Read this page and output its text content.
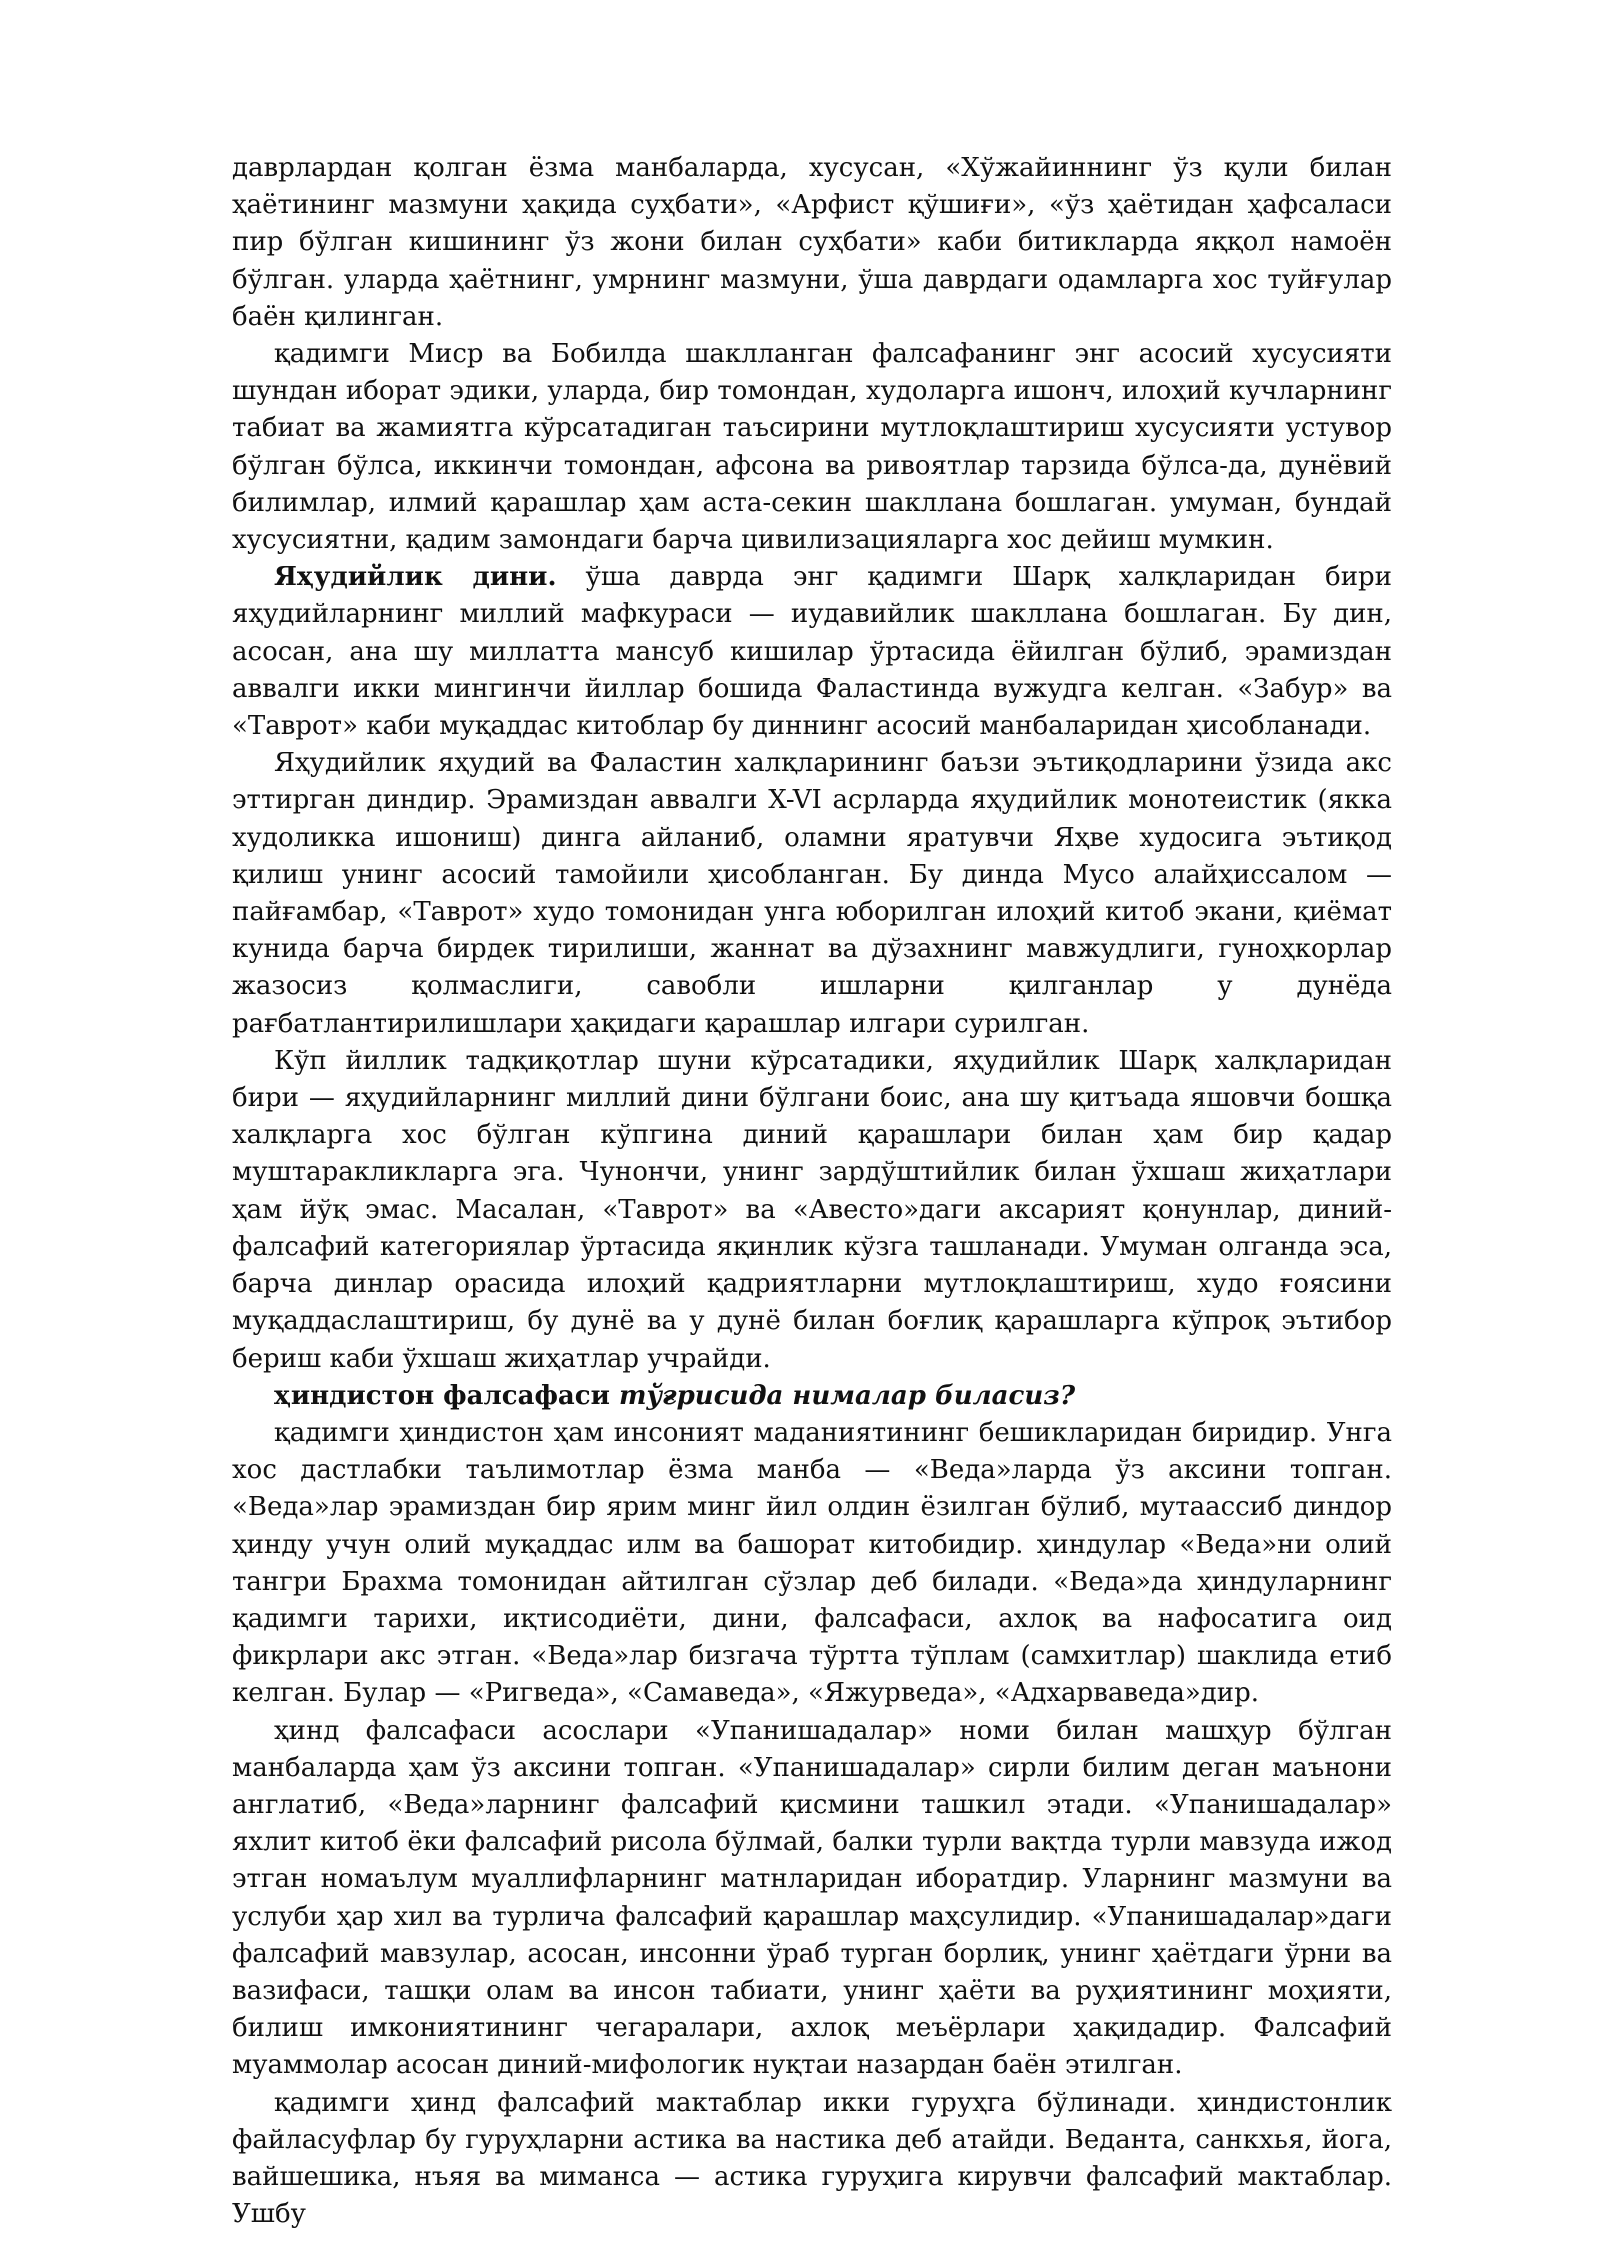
даврлардан қолган ёзма манбаларда, хусусан, «Хўжайиннинг ўз қули билан ҳаётининг мазмуни ҳақида суҳбати», «Арфист қўшиғи», «ўз ҳаётидан ҳафсаласи пир бўлган кишининг ўз жони билан суҳбати» каби битикларда яққол намоён бўлган. уларда ҳаётнинг, умрнинг мазмуни, ўша даврдаги одамларга хос туйғулар баён қилинган.

қадимги Миср ва Бобилда шаклланган фалсафанинг энг асосий хусусияти шундан иборат эдики, уларда, бир томондан, худоларга ишонч, илоҳий кучларнинг табиат ва жамиятга кўрсатадиган таъсирини мутлоқлаштириш хусусияти устувор бўлган бўлса, иккинчи томондан, афсона ва ривоятлар тарзида бўлса-да, дунёвий билимлар, илмий қарашлар ҳам аста-секин шакллана бошлаган. умуман, бундай хусусиятни, қадим замондаги барча цивилизацияларга хос дейиш мумкин.

Яҳудийлик дини. ўша даврда энг қадимги Шарқ халқларидан бири яҳудийларнинг миллий мафкураси — иудавийлик шакллана бошлаган. Бу дин, асосан, ана шу миллатта мансуб кишилар ўртасида ёйилган бўлиб, эрамиздан аввалги икки мингинчи йиллар бошида Фаластинда вужудга келган. «Забур» ва «Таврот» каби муқаддас китоблар бу диннинг асосий манбаларидан ҳисобланади.

Яҳудийлик яҳудий ва Фаластин халқларининг баъзи эътиқодларини ўзида акс эттирган диндир. Эрамиздан аввалги X-VI асрларда яҳудийлик монотеистик (якка худоликка ишониш) динга айланиб, оламни яратувчи Яҳве худосига эътиқод қилиш унинг асосий тамойили ҳисобланган. Бу динда Мусо алайҳиссалом — пайғамбар, «Таврот» худо томонидан унга юборилган илоҳий китоб экани, қиёмат кунида барча бирдек тирилиши, жаннат ва дўзахнинг мавжудлиги, гуноҳкорлар жазосиз қолмаслиги, савобли ишларни қилганлар у дунёда рағбатлантирилишлари ҳақидаги қарашлар илгари сурилган.

Кўп йиллик тадқиқотлар шуни кўрсатадики, яҳудийлик Шарқ халқларидан бири — яҳудийларнинг миллий дини бўлгани боис, ана шу қитъада яшовчи бошқа халқларга хос бўлган кўпгина диний қарашлари билан ҳам бир қадар муштаракликларга эга. Чунончи, унинг зардўштийлик билан ўхшаш жиҳатлари ҳам йўқ эмас. Масалан, «Таврот» ва «Авесто»даги аксарият қонунлар, диний-фалсафий категориялар ўртасида яқинлик кўзга ташланади. Умуман олганда эса, барча динлар орасида илоҳий қадриятларни мутлоқлаштириш, худо ғоясини муқаддаслаштириш, бу дунё ва у дунё билан боғлиқ қарашларга кўпроқ эътибор бериш каби ўхшаш жиҳатлар учрайди.

ҳиндистон фалсафаси тўғрисида нималар биласиз?

қадимги ҳиндистон ҳам инсоният маданиятининг бешикларидан биридир. Унга хос дастлабки таълимотлар ёзма манба — «Веда»ларда ўз аксини топган. «Веда»лар эрамиздан бир ярим минг йил олдин ёзилган бўлиб, мутаассиб диндор ҳинду учун олий муқаддас илм ва башорат китобидир. ҳиндулар «Веда»ни олий тангри Брахма томонидан айтилган сўзлар деб билади. «Веда»да ҳиндуларнинг қадимги тарихи, иқтисодиёти, дини, фалсафаси, ахлоқ ва нафосатига оид фикрлари акс этган. «Веда»лар бизгача тўртта тўплам (самхитлар) шаклида етиб келган. Булар — «Ригведа», «Самаведа», «Яжурведа», «Адхарваведа»дир.

ҳинд фалсафаси асослари «Упанишадалар» номи билан машҳур бўлган манбаларда ҳам ўз аксини топган. «Упанишадалар» сирли билим деган маънони англатиб, «Веда»ларнинг фалсафий қисмини ташкил этади. «Упанишадалар» яхлит китоб ёки фалсафий рисола бўлмай, балки турли вақтда турли мавзуда ижод этган номаълум муаллифларнинг матнларидан иборатдир. Уларнинг мазмуни ва услуби ҳар хил ва турлича фалсафий қарашлар маҳсулидир. «Упанишадалар»даги фалсафий мавзулар, асосан, инсонни ўраб турган борлиқ, унинг ҳаётдаги ўрни ва вазифаси, ташқи олам ва инсон табиати, унинг ҳаёти ва руҳиятининг моҳияти, билиш имкониятининг чегаралари, ахлоқ меъёрлари ҳақидадир. Фалсафий муаммолар асосан диний-мифологик нуқтаи назардан баён этилган.

қадимги ҳинд фалсафий мактаблар икки гуруҳга бўлинади. ҳиндистонлик файласуфлар бу гуруҳларни астика ва настика деб атайди. Веданта, санкхья, йога, вайшешика, нъяя ва миманса — астика гуруҳига кирувчи фалсафий мактаблар. Ушбу
